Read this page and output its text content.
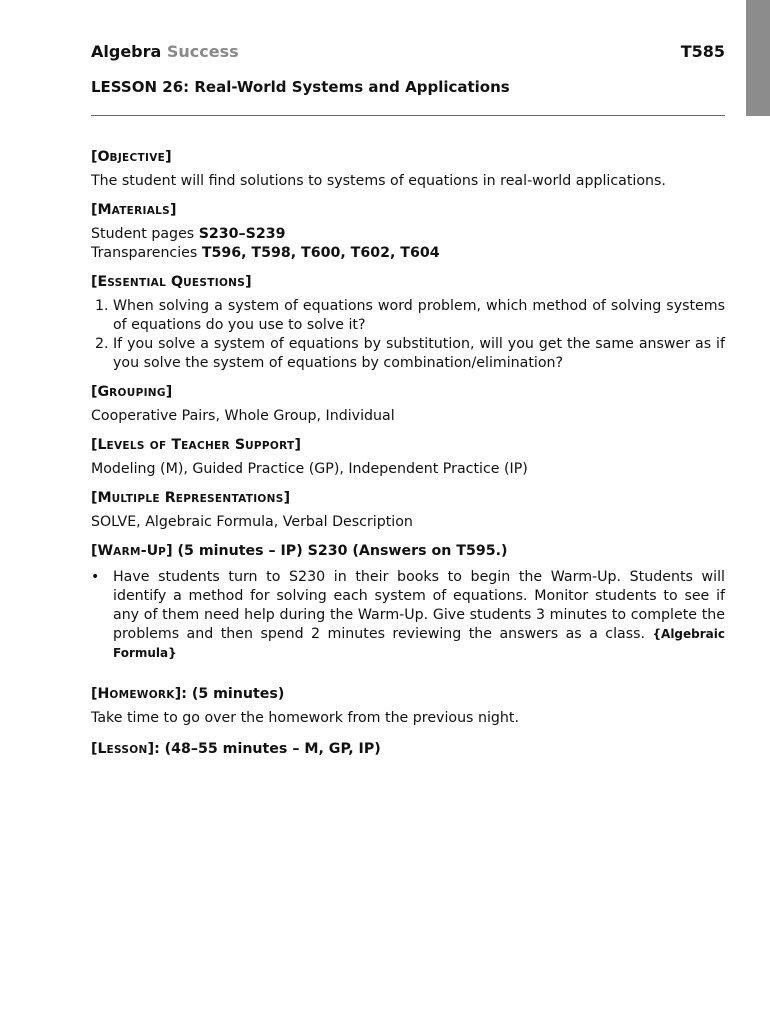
Algebra Success	T585
LESSON 26: Real-World Systems and Applications
[OBJECTIVE]

The student will find solutions to systems of equations in real-world applications.

[MATERIALS]

Student pages S230–S239

Transparencies T596, T598, T600, T602, T604

[ESSENTIAL QUESTIONS]
1. When solving a system of equations word problem, which method of solving systems of equations do you use to solve it?
2. If you solve a system of equations by substitution, will you get the same answer as if you solve the system of equations by combination/elimination?
[GROUPING]

Cooperative Pairs, Whole Group, Individual

[LEVELS OF TEACHER SUPPORT]

Modeling (M), Guided Practice (GP), Independent Practice (IP)

[MULTIPLE REPRESENTATIONS]

SOLVE, Algebraic Formula, Verbal Description

[WARM-UP] (5 minutes – IP) S230 (Answers on T595.)
• Have students turn to S230 in their books to begin the Warm-Up. Students will identify a method for solving each system of equations. Monitor students to see if any of them need help during the Warm-Up. Give students 3 minutes to complete the problems and then spend 2 minutes reviewing the answers as a class. {Algebraic Formula}
[HOMEWORK]: (5 minutes)

Take time to go over the homework from the previous night.

[LESSON]: (48–55 minutes – M, GP, IP)
